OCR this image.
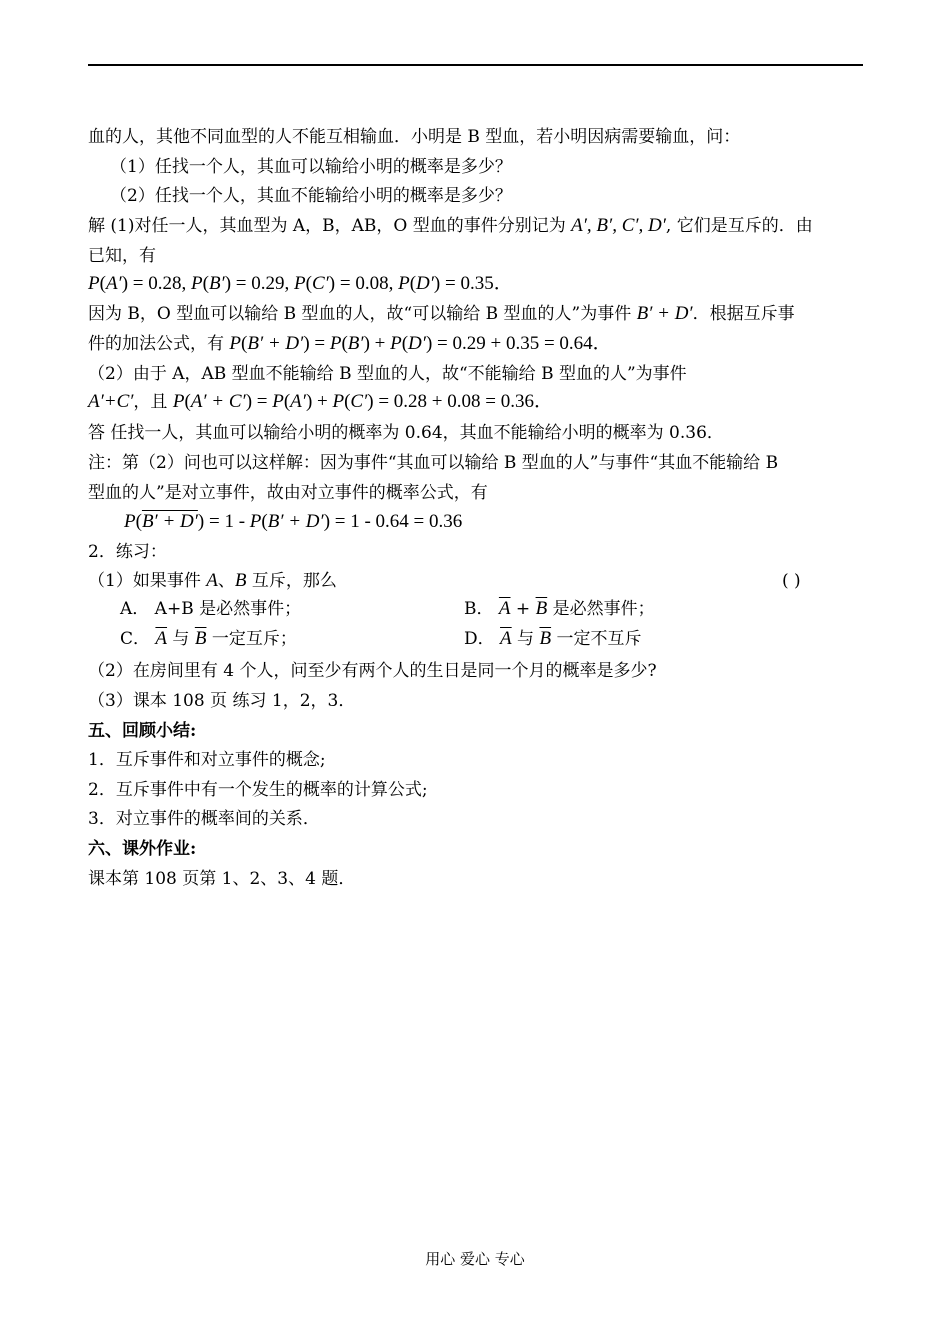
血的人，其他不同血型的人不能互相输血．小明是 B 型血，若小明因病需要输血，问：
（1）任找一个人，其血可以输给小明的概率是多少？
（2）任找一个人，其血不能输给小明的概率是多少？
解 (1)对任一人，其血型为 A，B，AB，O 型血的事件分别记为 A′, B′, C′, D′, 它们是互斥的．由
已知，有
P(A′) = 0.28, P(B′) = 0.29, P(C′) = 0.08, P(D′) = 0.35．
因为 B，O 型血可以输给 B 型血的人，故“可以输给 B 型血的人”为事件 B′ + D′．根据互斥事
件的加法公式，有 P(B′ + D′) = P(B′) + P(D′) = 0.29 + 0.35 = 0.64．
（2）由于 A，AB 型血不能输给 B 型血的人，故“不能输给 B 型血的人”为事件
A′+C′，且 P(A′ + C′) = P(A′) + P(C′) = 0.28 + 0.08 = 0.36．
答 任找一人，其血可以输给小明的概率为 0.64，其血不能输给小明的概率为 0.36．
注：第（2）问也可以这样解：因为事件“其血可以输给 B 型血的人”与事件“其血不能输给 B
型血的人”是对立事件，故由对立事件的概率公式，有
P(B′ + D′) = 1 - P(B′ + D′) = 1 - 0.64 = 0.36
2．练习：
（1）如果事件 A、B 互斥，那么	( )
A． A+B 是必然事件；	B． $\overline{A} + \overline{B}$ 是必然事件；
C． $\overline{A}$ 与 $\overline{B}$ 一定互斥；	D． $\overline{A}$ 与 $\overline{B}$ 一定不互斥
（2）在房间里有 4 个人，问至少有两个人的生日是同一个月的概率是多少?
（3）课本 108 页 练习 1，2，3．
五、回顾小结:
1．互斥事件和对立事件的概念;
2．互斥事件中有一个发生的概率的计算公式;
3．对立事件的概率间的关系．
六、课外作业:
课本第 108 页第 1、2、3、4 题．
用心 爱心 专心
